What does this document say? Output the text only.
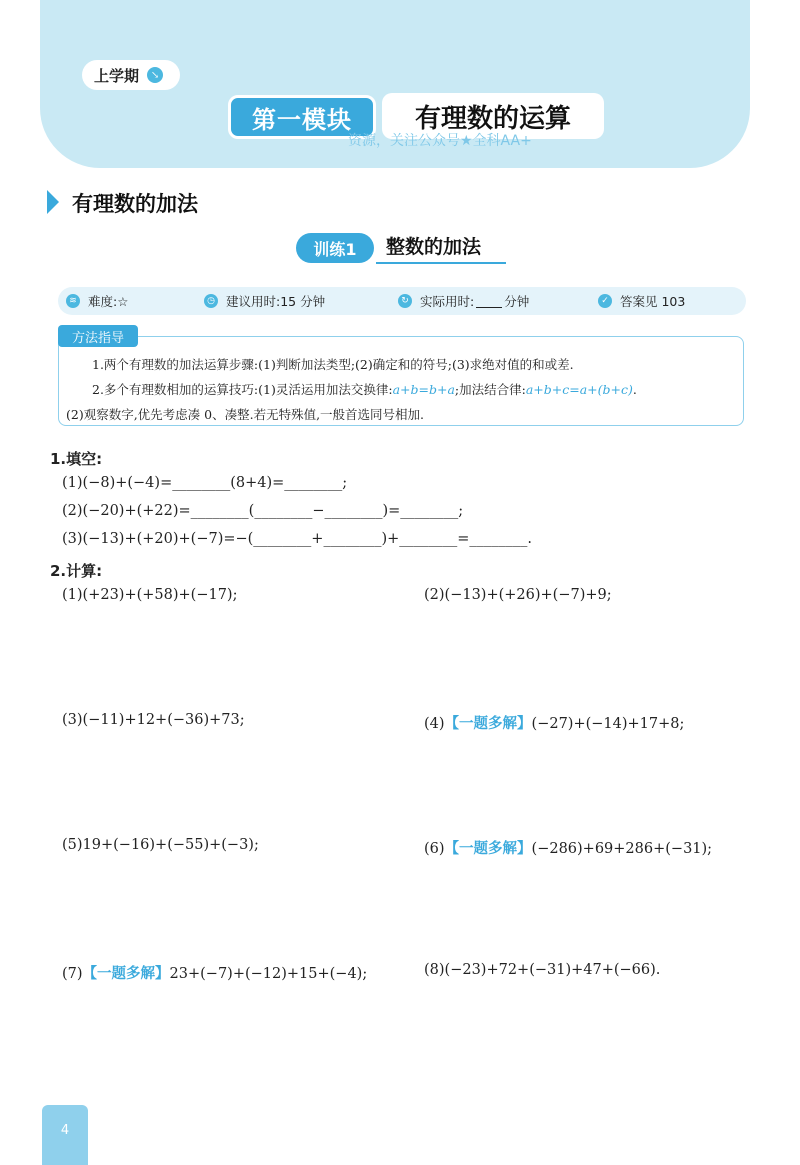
上学期	↘
第一模块	有理数的运算
资源，关注公众号★全科AA+
有理数的加法
训练1	整数的加法
≋ 难度:☆	◷ 建议用时:15 分钟	↻ 实际用时: 分钟	✓ 答案见 103
方法指导
1.两个有理数的加法运算步骤:(1)判断加法类型;(2)确定和的符号;(3)求绝对值的和或差.
2.多个有理数相加的运算技巧:(1)灵活运用加法交换律:a+b=b+a;加法结合律:a+b+c=a+(b+c).
(2)观察数字,优先考虑凑 0、凑整.若无特殊值,一般首选同号相加.
1.填空:
(1)(−8)+(−4)=________(8+4)=________;
(2)(−20)+(+22)=________(________−________)=________;
(3)(−13)+(+20)+(−7)=−(________+________)+________=________.
2.计算:
(1)(+23)+(+58)+(−17);	(2)(−13)+(+26)+(−7)+9;
(3)(−11)+12+(−36)+73;	(4)【一题多解】(−27)+(−14)+17+8;
(5)19+(−16)+(−55)+(−3);	(6)【一题多解】(−286)+69+286+(−31);
(7)【一题多解】23+(−7)+(−12)+15+(−4);	(8)(−23)+72+(−31)+47+(−66).
4
